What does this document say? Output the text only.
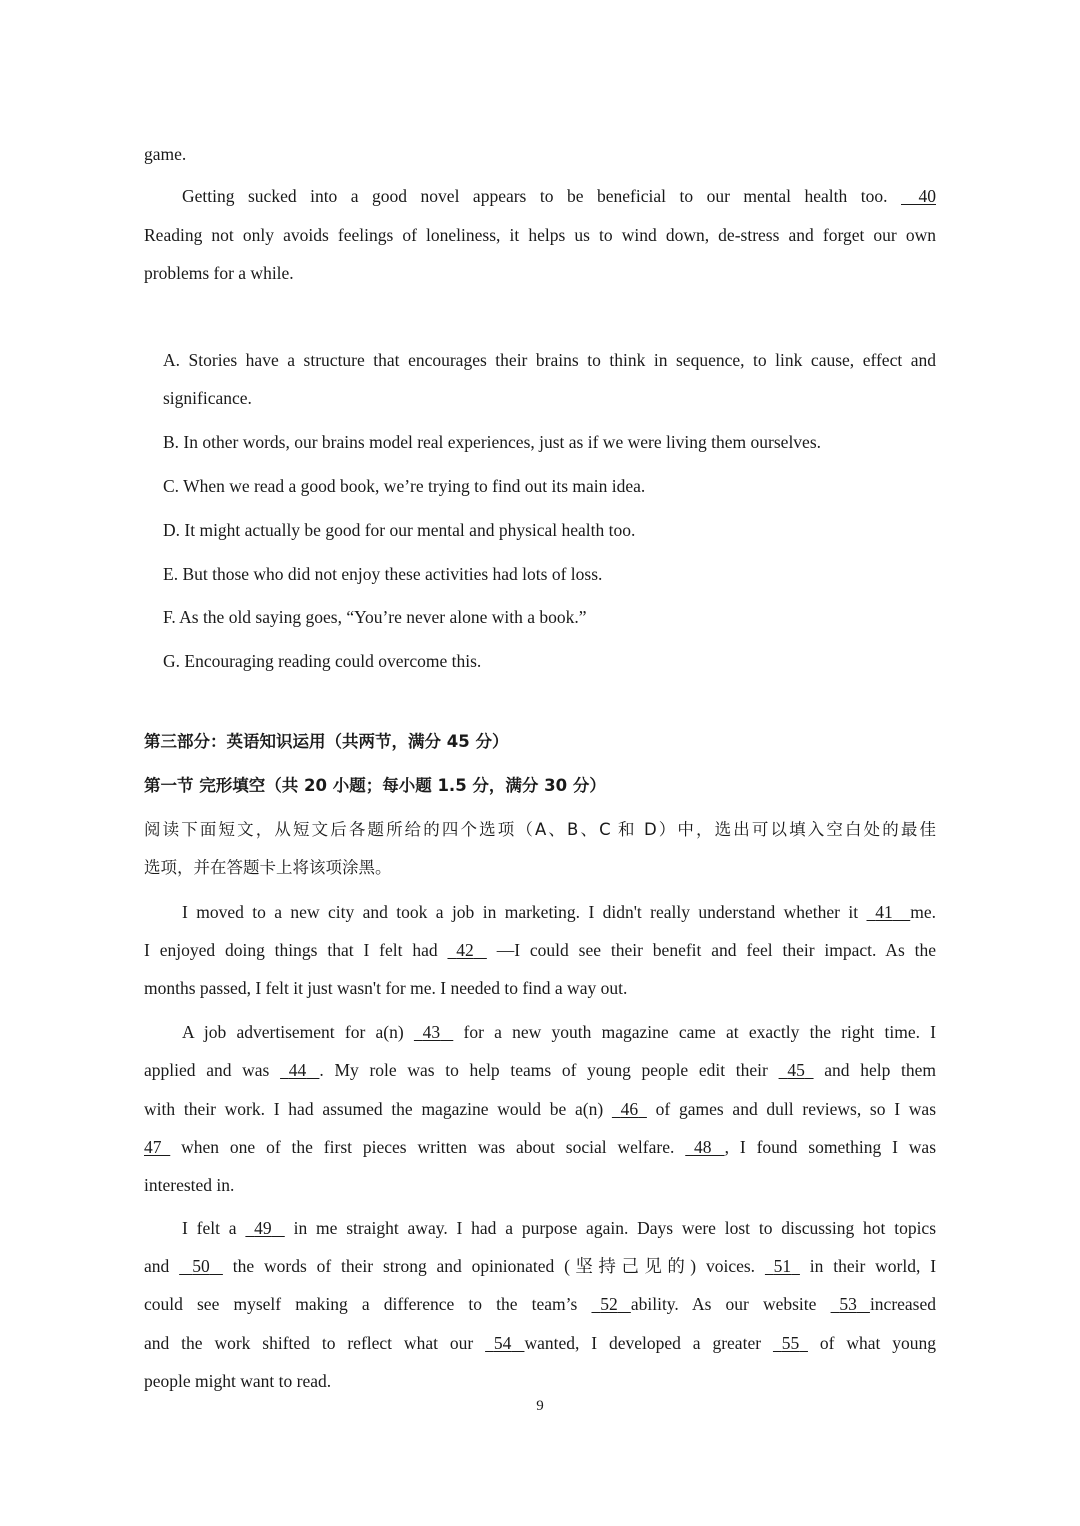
game.
Getting sucked into a good novel appears to be beneficial to our mental health too. 40
Reading not only avoids feelings of loneliness, it helps us to wind down, de-stress and forget our own
problems for a while.
A. Stories have a structure that encourages their brains to think in sequence, to link cause, effect and
significance.
B. In other words, our brains model real experiences, just as if we were living them ourselves.
C. When we read a good book, we’re trying to find out its main idea.
D. It might actually be good for our mental and physical health too.
E. But those who did not enjoy these activities had lots of loss.
F. As the old saying goes, “You’re never alone with a book.”
G. Encouraging reading could overcome this.
第三部分：英语知识运用（共两节，满分 45 分）
第一节 完形填空（共 20 小题；每小题 1.5 分，满分 30 分）
阅读下面短文，从短文后各题所给的四个选项（A、B、C 和 D）中，选出可以填入空白处的最佳
选项，并在答题卡上将该项涂黑。
I moved to a new city and took a job in marketing. I didn't really understand whether it 41 me.
I enjoyed doing things that I felt had 42 —I could see their benefit and feel their impact. As the
months passed, I felt it just wasn't for me. I needed to find a way out.
A job advertisement for a(n) 43 for a new youth magazine came at exactly the right time. I
applied and was 44 . My role was to help teams of young people edit their 45 and help them
with their work. I had assumed the magazine would be a(n) 46 of games and dull reviews, so I was
47 when one of the first pieces written was about social welfare. 48 , I found something I was
interested in.
I felt a 49 in me straight away. I had a purpose again. Days were lost to discussing hot topics
and 50 the words of their strong and opinionated (坚持己见的) voices. 51 in their world, I
could see myself making a difference to the team’s 52 ability. As our website 53 increased
and the work shifted to reflect what our 54 wanted, I developed a greater 55 of what young
people might want to read.
9
